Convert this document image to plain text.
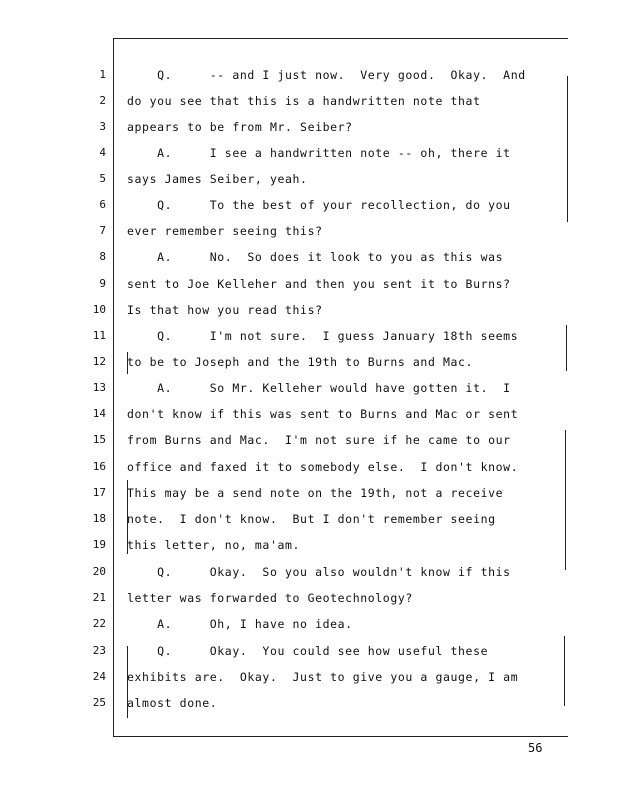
1 Q.     -- and I just now.  Very good.  Okay.  And
2 do you see that this is a handwritten note that
3 appears to be from Mr. Seiber?
4 A.     I see a handwritten note -- oh, there it
5 says James Seiber, yeah.
6 Q.     To the best of your recollection, do you
7 ever remember seeing this?
8 A.     No.  So does it look to you as this was
9 sent to Joe Kelleher and then you sent it to Burns?
10 Is that how you read this?
11 Q.     I'm not sure.  I guess January 18th seems
12 to be to Joseph and the 19th to Burns and Mac.
13 A.     So Mr. Kelleher would have gotten it.  I
14 don't know if this was sent to Burns and Mac or sent
15 from Burns and Mac.  I'm not sure if he came to our
16 office and faxed it to somebody else.  I don't know.
17 This may be a send note on the 19th, not a receive
18 note.  I don't know.  But I don't remember seeing
19 this letter, no, ma'am.
20 Q.     Okay.  So you also wouldn't know if this
21 letter was forwarded to Geotechnology?
22 A.     Oh, I have no idea.
23 Q.     Okay.  You could see how useful these
24 exhibits are.  Okay.  Just to give you a gauge, I am
25 almost done.
56
